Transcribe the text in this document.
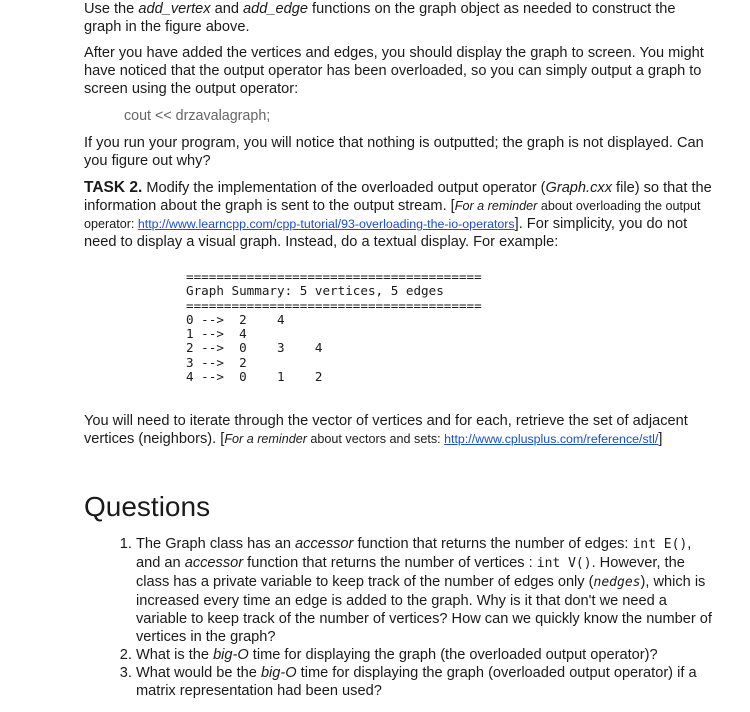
Use the add_vertex and add_edge functions on the graph object as needed to construct the graph in the figure above.

After you have added the vertices and edges, you should display the graph to screen. You might have noticed that the output operator has been overloaded, so you can simply output a graph to screen using the output operator:

cout << drzavalagraph;

If you run your program, you will notice that nothing is outputted; the graph is not displayed. Can you figure out why?

TASK 2. Modify the implementation of the overloaded output operator (Graph.cxx file) so that the information about the graph is sent to the output stream. [For a reminder about overloading the output operator: http://www.learncpp.com/cpp-tutorial/93-overloading-the-io-operators]. For simplicity, you do not need to display a visual graph. Instead, do a textual display. For example:

=======================================
Graph Summary: 5 vertices, 5 edges
=======================================
0 -->  2    4
1 -->  4
2 -->  0    3    4
3 -->  2
4 -->  0    1    2

You will need to iterate through the vector of vertices and for each, retrieve the set of adjacent vertices (neighbors). [For a reminder about vectors and sets: http://www.cplusplus.com/reference/stl/]

Questions
1. The Graph class has an accessor function that returns the number of edges: int E(), and an accessor function that returns the number of vertices : int V(). However, the class has a private variable to keep track of the number of edges only (nedges), which is increased every time an edge is added to the graph. Why is it that don't we need a variable to keep track of the number of vertices? How can we quickly know the number of vertices in the graph?
2. What is the big-O time for displaying the graph (the overloaded output operator)?
3. What would be the big-O time for displaying the graph (overloaded output operator) if a matrix representation had been used?
